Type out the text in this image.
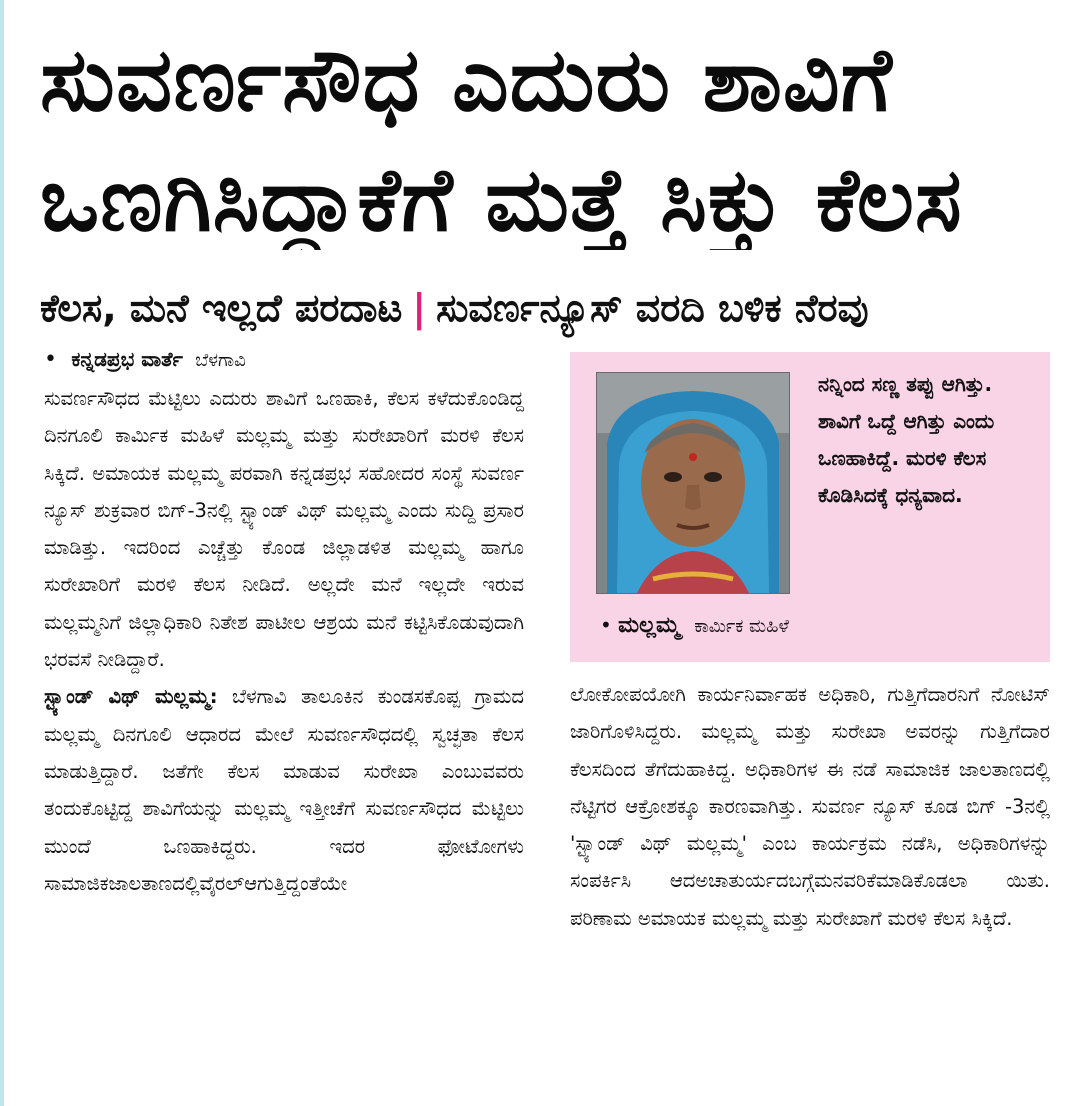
ಸುವರ್ಣಸೌಧ ಎದುರು ಶಾವಿಗೆ
ಒಣಗಿಸಿದ್ದಾಕೆಗೆ ಮತ್ತೆ ಸಿಕ್ತು ಕೆಲಸ
ಕೆಲಸ, ಮನೆ ಇಲ್ಲದೆ ಪರದಾಟ | ಸುವರ್ಣನ್ಯೂಸ್ ವರದಿ ಬಳಿಕ ನೆರವು
• ಕನ್ನಡಪ್ರಭ ವಾರ್ತೆ ಬೆಳಗಾವಿ

ಸುವರ್ಣಸೌಧದ ಮೆಟ್ಟಿಲು ಎದುರು ಶಾವಿಗೆ ಒಣಹಾಕಿ, ಕೆಲಸ ಕಳೆದುಕೊಂಡಿದ್ದ ದಿನಗೂಲಿ ಕಾರ್ಮಿಕ ಮಹಿಳೆ ಮಲ್ಲಮ್ಮ ಮತ್ತು ಸುರೇಖಾರಿಗೆ ಮರಳಿ ಕೆಲಸ ಸಿಕ್ಕಿದೆ. ಅಮಾಯಕ ಮಲ್ಲಮ್ಮ ಪರವಾಗಿ ಕನ್ನಡಪ್ರಭ ಸಹೋದರ ಸಂಸ್ಥೆ ಸುವರ್ಣ ನ್ಯೂಸ್ ಶುಕ್ರವಾರ ಬಿಗ್-3ನಲ್ಲಿ ಸ್ಟ್ಯಾಂಡ್ ವಿಥ್ ಮಲ್ಲಮ್ಮ ಎಂದು ಸುದ್ದಿ ಪ್ರಸಾರ ಮಾಡಿತ್ತು. ಇದರಿಂದ ಎಚ್ಚೆತ್ತು ಕೊಂಡ ಜಿಲ್ಲಾಡಳಿತ ಮಲ್ಲಮ್ಮ ಹಾಗೂ ಸುರೇಖಾರಿಗೆ ಮರಳಿ ಕೆಲಸ ನೀಡಿದೆ. ಅಲ್ಲದೇ ಮನೆ ಇಲ್ಲದೇ ಇರುವ ಮಲ್ಲಮ್ಮನಿಗೆ ಜಿಲ್ಲಾಧಿಕಾರಿ ನಿತೇಶ ಪಾಟೀಲ ಆಶ್ರಯ ಮನೆ ಕಟ್ಟಿಸಿಕೊಡುವುದಾಗಿ ಭರವಸೆ ನೀಡಿದ್ದಾರೆ.

ಸ್ಟ್ಯಾಂಡ್ ವಿಥ್ ಮಲ್ಲಮ್ಮ: ಬೆಳಗಾವಿ ತಾಲೂಕಿನ ಕುಂಡಸಕೊಪ್ಪ ಗ್ರಾಮದ ಮಲ್ಲಮ್ಮ ದಿನಗೂಲಿ ಆಧಾರದ ಮೇಲೆ ಸುವರ್ಣಸೌಧದಲ್ಲಿ ಸ್ವಚ್ಛತಾ ಕೆಲಸ ಮಾಡುತ್ತಿದ್ದಾರೆ. ಜತೆಗೇ ಕೆಲಸ ಮಾಡುವ ಸುರೇಖಾ ಎಂಬುವವರು ತಂದುಕೊಟ್ಟಿದ್ದ ಶಾವಿಗೆಯನ್ನು ಮಲ್ಲಮ್ಮ ಇತ್ತೀಚೆಗೆ ಸುವರ್ಣಸೌಧದ ಮೆಟ್ಟಿಲು ಮುಂದೆ ಒಣಹಾಕಿದ್ದರು. ಇದರ ಫೋಟೋಗಳು ಸಾಮಾಜಿಕಜಾಲತಾಣದಲ್ಲಿವೈರಲ್ಆಗುತ್ತಿದ್ದಂತೆಯೇ

ನನ್ನಿಂದ ಸಣ್ಣ ತಪ್ಪು ಆಗಿತ್ತು. ಶಾವಿಗೆ ಒದ್ದೆ ಆಗಿತ್ತು ಎಂದು ಒಣಹಾಕಿದ್ದೆ. ಮರಳಿ ಕೆಲಸ ಕೊಡಿಸಿದಕ್ಕೆ ಧನ್ಯವಾದ.
• ಮಲ್ಲಮ್ಮ ಕಾರ್ಮಿಕ ಮಹಿಳೆ

ಲೋಕೋಪಯೋಗಿ ಕಾರ್ಯನಿರ್ವಾಹಕ ಅಧಿಕಾರಿ, ಗುತ್ತಿಗೆದಾರನಿಗೆ ನೋಟಿಸ್ ಜಾರಿಗೊಳಿಸಿದ್ದರು. ಮಲ್ಲಮ್ಮ ಮತ್ತು ಸುರೇಖಾ ಅವರನ್ನು ಗುತ್ತಿಗೆದಾರ ಕೆಲಸದಿಂದ ತೆಗೆದುಹಾಕಿದ್ದ. ಅಧಿಕಾರಿಗಳ ಈ ನಡೆ ಸಾಮಾಜಿಕ ಜಾಲತಾಣದಲ್ಲಿ ನೆಟ್ಟಿಗರ ಆಕ್ರೋಶಕ್ಕೂ ಕಾರಣವಾಗಿತ್ತು. ಸುವರ್ಣ ನ್ಯೂಸ್ ಕೂಡ ಬಿಗ್ -3ನಲ್ಲಿ 'ಸ್ಟ್ಯಾಂಡ್ ವಿಥ್ ಮಲ್ಲಮ್ಮ' ಎಂಬ ಕಾರ್ಯಕ್ರಮ ನಡೆಸಿ, ಅಧಿಕಾರಿಗಳನ್ನು ಸಂಪರ್ಕಿಸಿ ಆದಅಚಾತುರ್ಯದಬಗ್ಗೆಮನವರಿಕೆಮಾಡಿಕೊಡಲಾ ಯಿತು. ಪರಿಣಾಮ ಅಮಾಯಕ ಮಲ್ಲಮ್ಮ ಮತ್ತು ಸುರೇಖಾಗೆ ಮರಳಿ ಕೆಲಸ ಸಿಕ್ಕಿದೆ.
